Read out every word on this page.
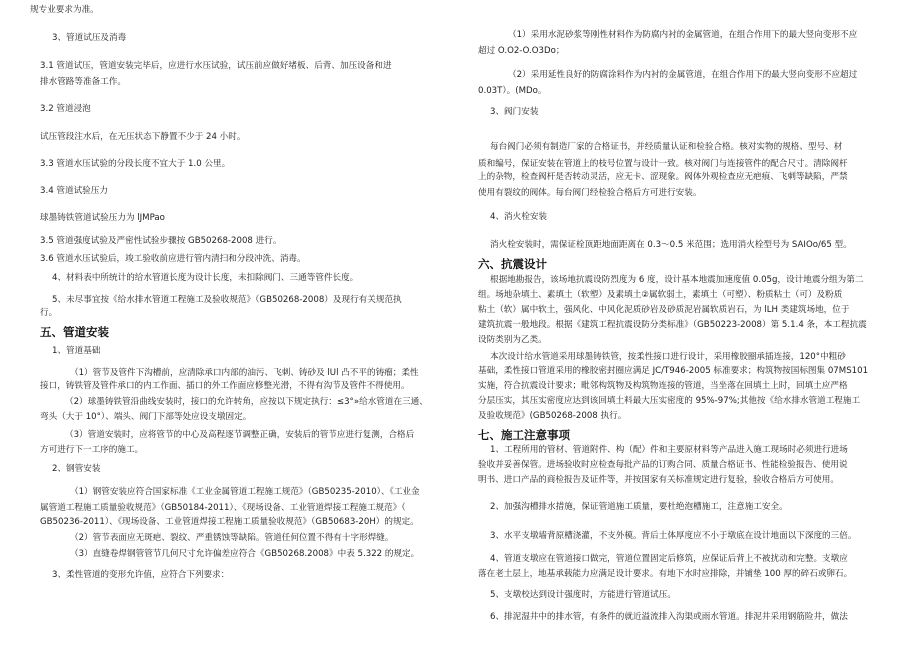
规专业要求为准。
3、管道试压及消毒
3.1 管道试压，管道安装完毕后，应进行水压试验，试压前应做好堵板、后背、加压设备和进
排水管路等准备工作。
3.2 管道浸泡
试压管段注水后，在无压状态下静置不少于 24 小时。
3.3 管道水压试验的分段长度不宜大于 1.0 公里。
3.4 管道试验压力
球墨铸铁管道试验压力为 lJMPao
3.5 管道强度试验及严密性试验步骤按 GB50268-2008 进行。
3.6 管道水压试验后，竣工验收前应进行管内清扫和分段冲洗、消毒。
4、材料表中所统计的给水管道长度为设计长度，未扣除阀门、三通等管件长度。
5、未尽事宜按《给水排水管道工程施工及验收规范》（GB50268-2008）及现行有关规范执
行。
五、管道安装
1、管道基础
（1）管节及管件下沟槽前，应清除承口内部的油污、飞刺、铸砂及 lUl 凸不平的铸瘤；柔性
接口，铸铁管及管件承口的内工作面、插口的外工作面应修整光滑，不得有沟节及管件不得使用。
（2）球墨铸铁管沿曲线安装时，接口的允许转角，应按以下规定执行：≤3°»给水管道在三通、
弯头（大于 10°）、端头、阀门下部等处应设支墩固定。
（3）管道安装时，应将管节的中心及高程逐节调整正确，安装后的管节应进行复测，合格后
方可进行下一工序的施工。
2、钢管安装
（1）钢管安装应符合国家标准《工业金属管道工程施工规范》（GB50235-2010）、《工业金
属管道工程施工质量验收规范》（GB50184-2011）、《现场设备、工业管道焊接工程施工规范》（
GB50236-2011）、《现场设备、工业管道焊接工程施工质量验收规范》（GB50683-20H）的规定。
（2）管节表面应无斑疤、裂纹、严重锈蚀等缺陷。管道任何位置不得有十字形焊缝。
（3）直缝卷焊钢管管节几何尺寸允许偏差应符合《GB50268.2008》中表 5.322 的规定。
3、柔性管道的变形允许值，应符合下列要求：
（1）采用水泥砂浆等刚性材料作为防腐内衬的金属管道，在组合作用下的最大竖向变形不应
超过 O.O2-O.O3Do；
（2）采用延性良好的防腐涂料作为内衬的金属管道，在组合作用下的最大竖向变形不应超过
0.03T）。(MDo。
3、阀门安装
每台阀门必须有制造厂家的合格证书，并经质量认证和检验合格。核对实物的规格、型号、材
质和编号，保证安装在管道上的枝号位置与设计一致。核对阀门与连接管件的配合尺寸。清除阀杆
上的杂物，检查阀杆是否转动灵活，应无卡、涩现象。阀体外观检查应无疤痕、飞刺等缺陷，严禁
使用有裂纹的阀体。每台阀门经检验合格后方可进行安装。
4、消火栓安装
消火栓安装时，需保证栓顶距地面距离在 0.3～0.5 米范围；选用消火栓型号为 SAIOo/65 型。
六、抗震设计
根据地勘报告，该场地抗震设防烈度为 6 度，设计基本地震加速度值 0.05g，设计地震分组为第二
组。场地杂填土、素填土（软塑）及素填土②属软弱土，素填土（可塑）、粉质粘土（可）及粉质
粘土（软）属中软土，强风化、中风化泥质砂岩及砂质泥岩属软质岩石，为 lLH 类建筑场地，位于
建筑抗震一般地段。根据《建筑工程抗震设防分类标准》（GB50223-2008）第 5.1.4 条，本工程抗震
设防类别为乙类。
本次设计给水管道采用球墨铸铁管，按柔性接口进行设计，采用橡胶圈承插连接，120°中粗砂
基础，柔性接口管道采用的橡胶密封圈应满足 JC/T946-2005 标准要求；构筑物按国标图集 07MS101
实施，符合抗震设计要求；毗邻构筑物及构筑物连接的管道，当坐落在回填土上时，回填土应严格
分层压实，其压实密度应达到该回填土料最大压实密度的 95%-97%;其他按《给水排水管道工程施工
及验收规范》(GB50268-2008 执行。
七、施工注意事项
1、工程所用的管材、管道附件、构（配）件和主要原材料等产品进入施工现场时必须进行进场
验收并妥善保管。进场验收时应检查每批产品的订购合同、质量合格证书、性能检验报告、使用说
明书、进口产品的商检报告及证件等，并按国家有关标准规定进行复验，验收合格后方可使用。
2、加强沟槽排水措施，保证管道施工质量，要杜绝泡槽施工，注意施工安全。
3、水平支墩墙背原槽浇灌，不支外模。背后土体厚度应不小于墩底在设计地面以下深度的三倍。
4、管道支墩应在管道接口做完，管道位置固定后修筑，应保证后背上不被扰动和完整。支墩应
落在老土层上，地基承载能力应满足设计要求。有地下水时应排除，并铺垫 100 厚的碎石或卵石。
5、支墩校达到设计强度时，方能进行管道试压。
6、排泥湿井中的排水管，有条件的就近溢流排入沟渠或雨水管道。排泥井采用钢筋险井，做法
